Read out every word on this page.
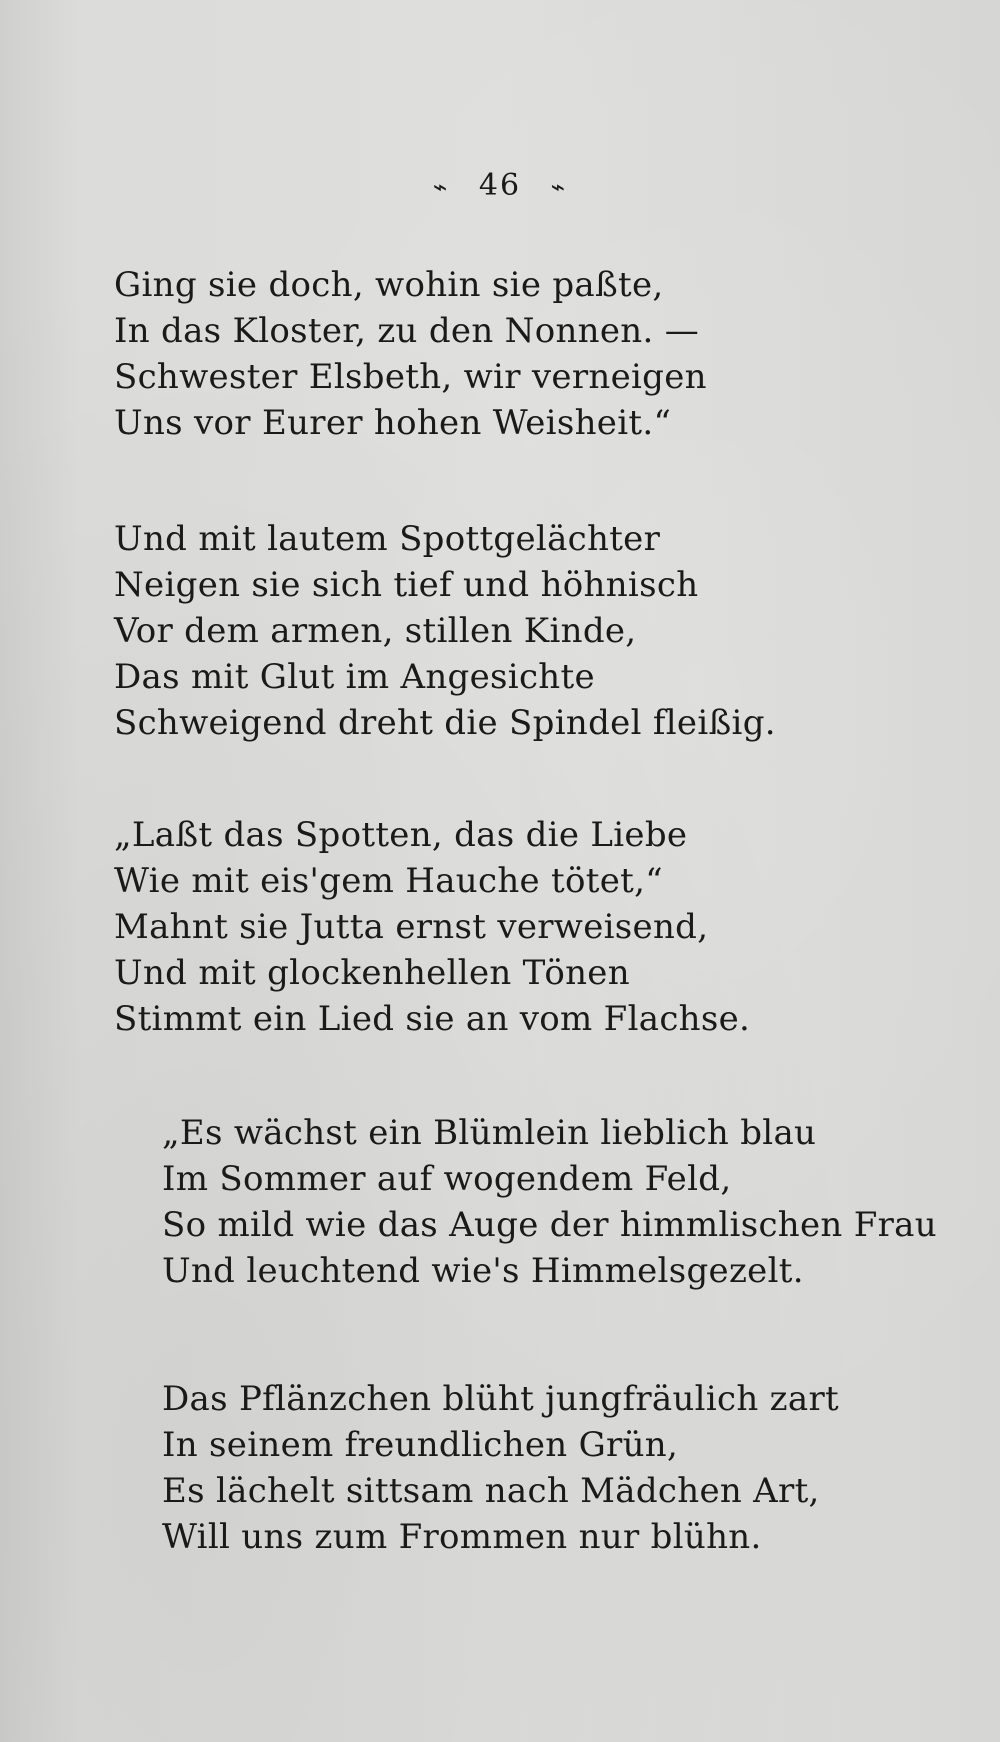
⌁ 46 ⌁
Ging sie doch, wohin sie paßte,
In das Kloster, zu den Nonnen. —
Schwester Elsbeth, wir verneigen
Uns vor Eurer hohen Weisheit.“
Und mit lautem Spottgelächter
Neigen sie sich tief und höhnisch
Vor dem armen, stillen Kinde,
Das mit Glut im Angesichte
Schweigend dreht die Spindel fleißig.
„Laßt das Spotten, das die Liebe
Wie mit eis'gem Hauche tötet,“
Mahnt sie Jutta ernst verweisend,
Und mit glockenhellen Tönen
Stimmt ein Lied sie an vom Flachse.
„Es wächst ein Blümlein lieblich blau
Im Sommer auf wogendem Feld,
So mild wie das Auge der himmlischen Frau
Und leuchtend wie's Himmelsgezelt.
Das Pflänzchen blüht jungfräulich zart
In seinem freundlichen Grün,
Es lächelt sittsam nach Mädchen Art,
Will uns zum Frommen nur blühn.
